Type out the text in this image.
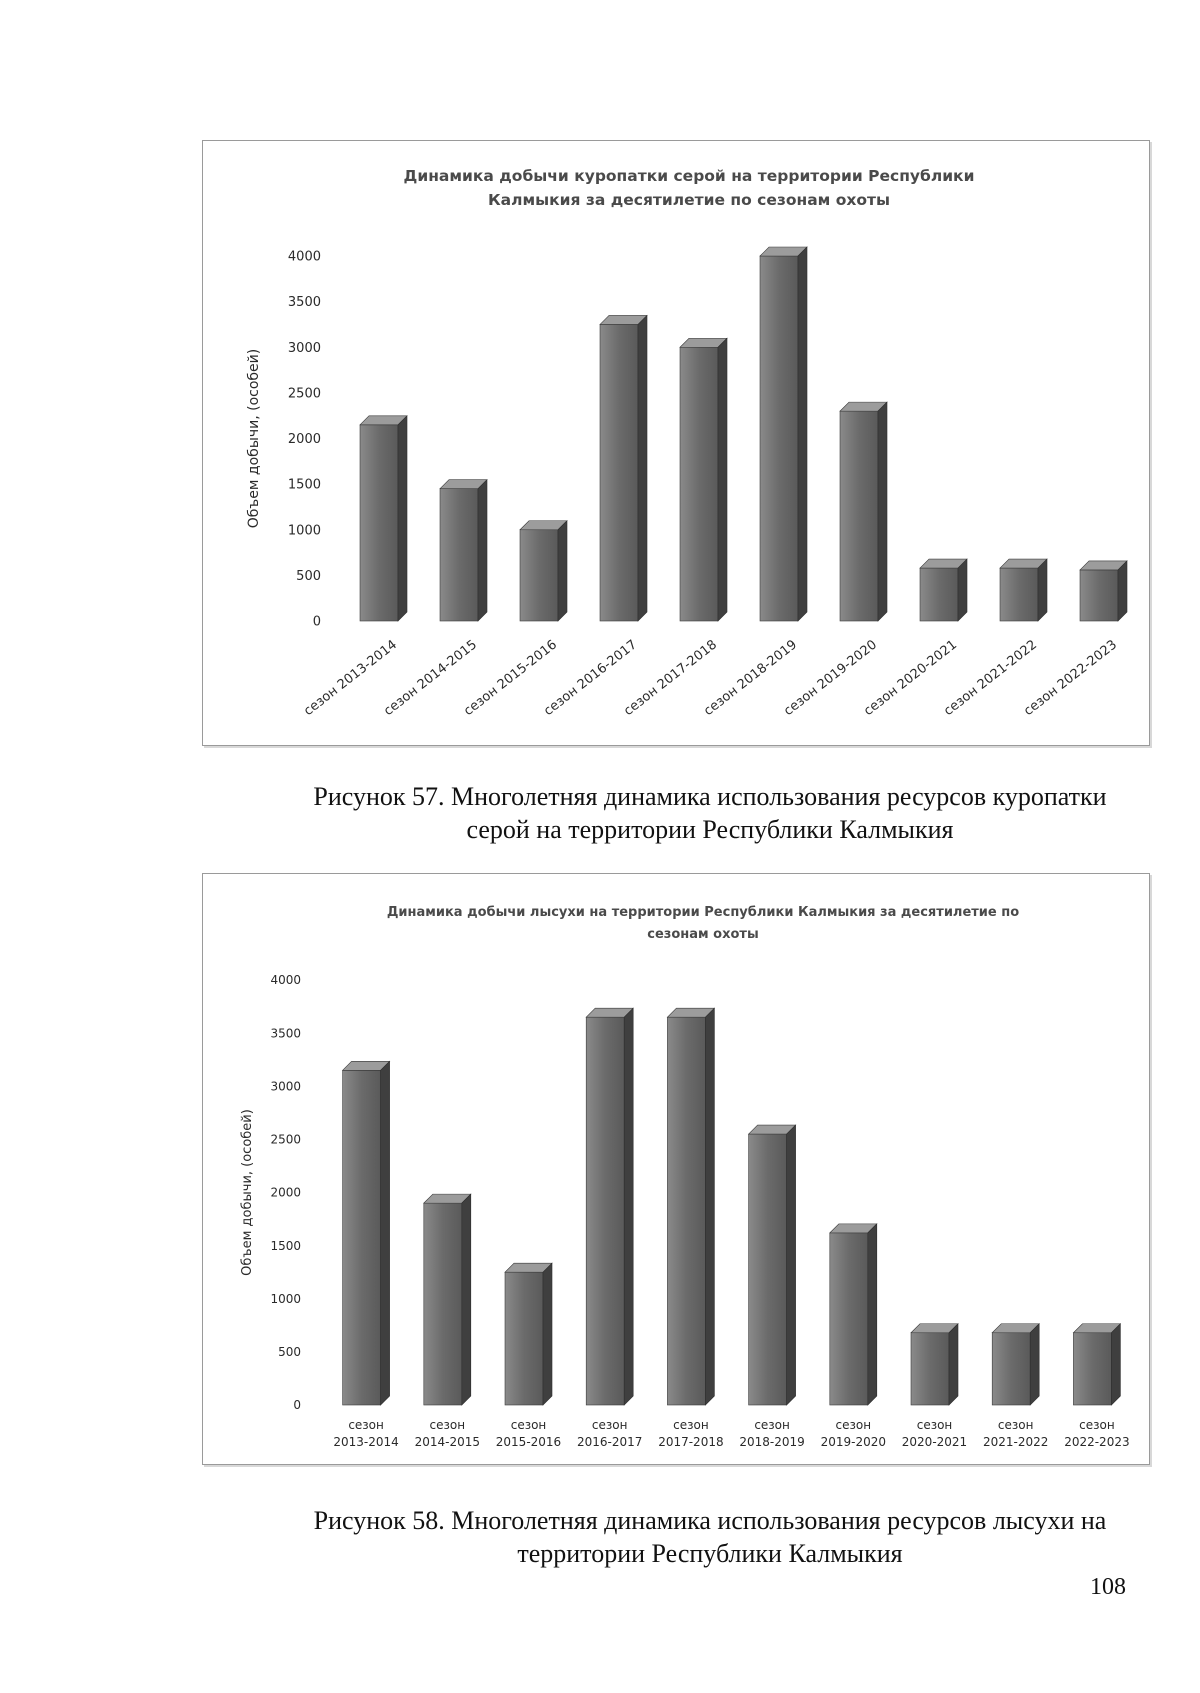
Динамика добычи куропатки серой на территории Республики
Калмыкия за десятилетие по сезонам охоты
0
500
1000
1500
2000
2500
3000
3500
4000
Объем добычи, (особей)
сезон 2013-2014
сезон 2014-2015
сезон 2015-2016
сезон 2016-2017
сезон 2017-2018
сезон 2018-2019
сезон 2019-2020
сезон 2020-2021
сезон 2021-2022
сезон 2022-2023
Рисунок 57. Многолетняя динамика использования ресурсов куропатки
серой на территории Республики Калмыкия
Динамика добычи лысухи на территории Республики Калмыкия за десятилетие по
сезонам охоты
0
500
1000
1500
2000
2500
3000
3500
4000
Объем добычи, (особей)
сезон
2013-2014
сезон
2014-2015
сезон
2015-2016
сезон
2016-2017
сезон
2017-2018
сезон
2018-2019
сезон
2019-2020
сезон
2020-2021
сезон
2021-2022
сезон
2022-2023
Рисунок 58. Многолетняя динамика использования ресурсов лысухи на
территории Республики Калмыкия
108
